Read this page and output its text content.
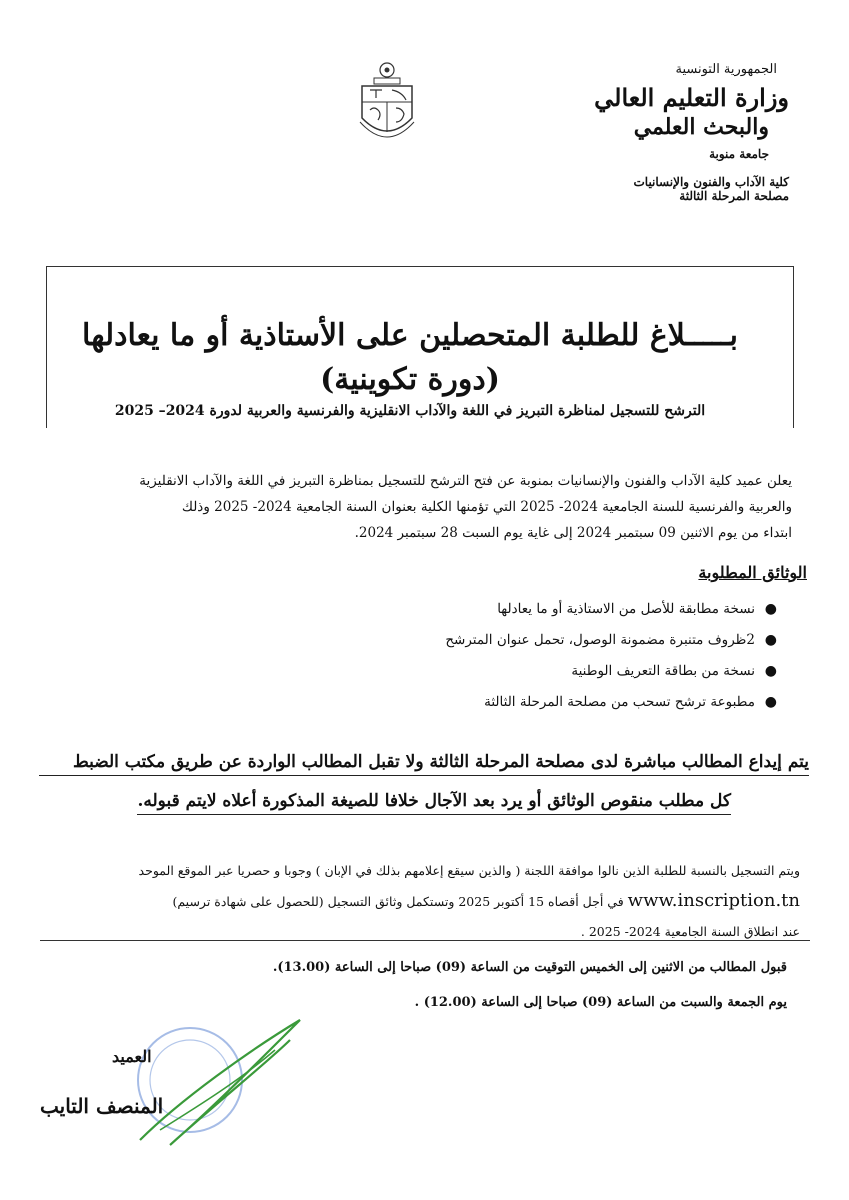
الجمهورية التونسية
وزارة التعليم العالي
والبحث العلمي
جامعة منوبة
كلية الآداب والفنون والإنسانيات
مصلحة المرحلة الثالثة
بـــــلاغ للطلبة المتحصلين على الأستاذية أو ما يعادلها
(دورة تكوينية)
الترشح للتسجيل لمناظرة التبريز في اللغة والآداب الانقليزية والفرنسية والعربية لدورة 2024– 2025

يعلن عميد كلية الآداب والفنون والإنسانيات بمنوبة عن فتح الترشح للتسجيل بمناظرة التبريز في اللغة والآداب الانقليزية

والعربية والفرنسية للسنة الجامعية 2024- 2025 التي تؤمنها الكلية بعنوان السنة الجامعية 2024- 2025 وذلك

ابتداء من يوم الاثنين 09 سبتمبر 2024 إلى غاية يوم السبت 28 سبتمبر 2024.

الوثائق المطلوبة
●
نسخة مطابقة للأصل من الاستاذية أو ما يعادلها
●
2ظروف متنبرة مضمونة الوصول، تحمل عنوان المترشح
●
نسخة من بطاقة التعريف الوطنية
●
مطبوعة ترشح تسحب من مصلحة المرحلة الثالثة
يتم إيداع المطالب مباشرة لدى مصلحة المرحلة الثالثة ولا تقبل المطالب الواردة عن طريق مكتب الضبط
كل مطلب منقوص الوثائق أو يرد بعد الآجال خلافا للصيغة المذكورة أعلاه لايتم قبوله.
ويتم التسجيل بالنسبة للطلبة الذين نالوا موافقة اللجنة ( والذين سيقع إعلامهم بذلك في الإبان ) وجوبا و حصريا عبر الموقع الموحد
www.inscription.tn في أجل أقصاه 15 أكتوبر 2025 وتستكمل وثائق التسجيل (للحصول على شهادة ترسيم)
عند انطلاق السنة الجامعية 2024- 2025 .
قبول المطالب من الاثنين إلى الخميس التوقيت من الساعة (09) صباحا إلى الساعة (13.00).
يوم الجمعة والسبت من الساعة (09) صباحا إلى الساعة (12.00) .
العميد
المنصف التايب
